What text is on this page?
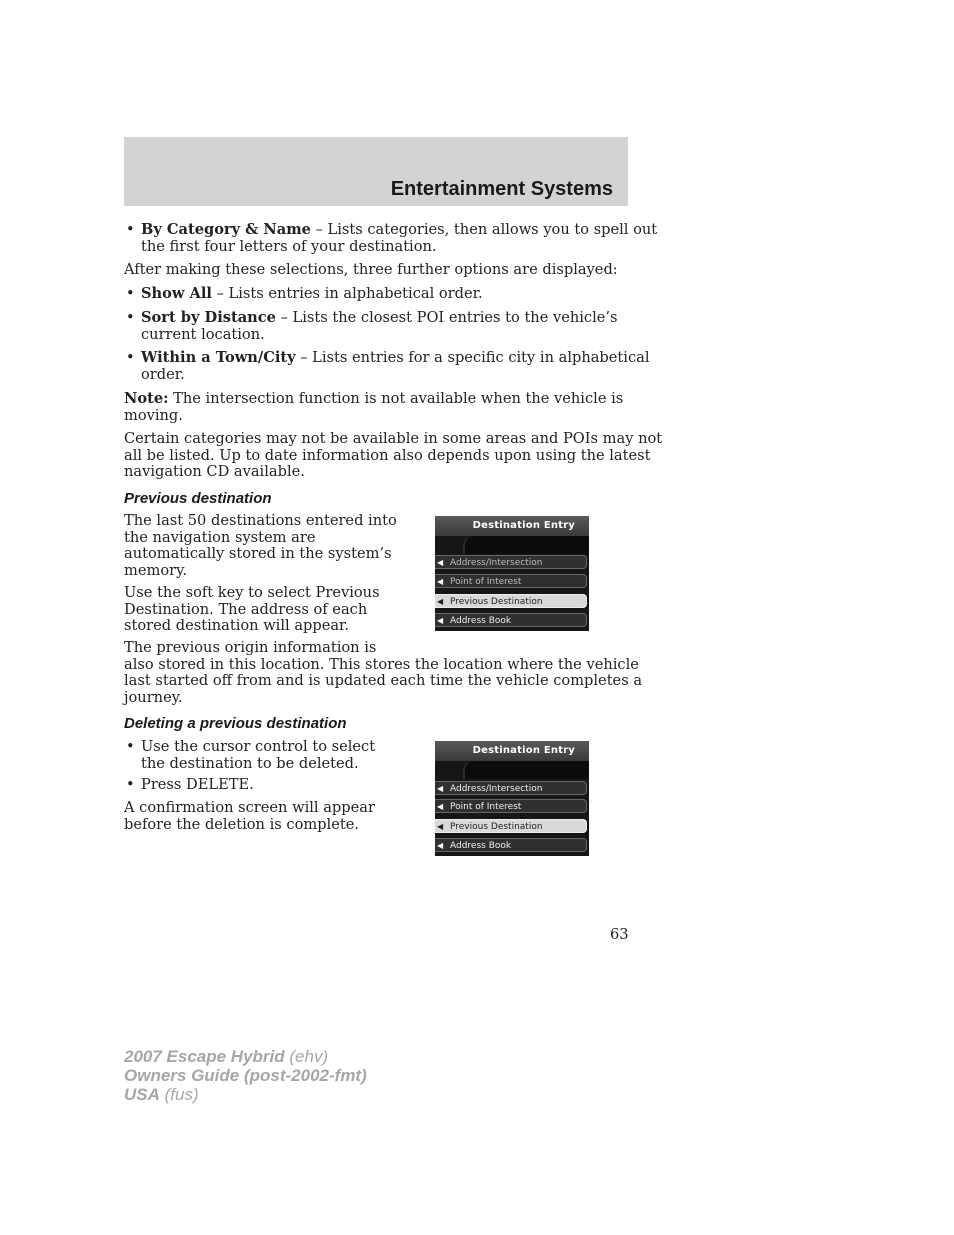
Entertainment Systems
• By Category & Name – Lists categories, then allows you to spell out
the first four letters of your destination.
After making these selections, three further options are displayed:
• Show All – Lists entries in alphabetical order.
• Sort by Distance – Lists the closest POI entries to the vehicle’s
current location.
• Within a Town/City – Lists entries for a specific city in alphabetical
order.
Note: The intersection function is not available when the vehicle is
moving.
Certain categories may not be available in some areas and POIs may not
all be listed. Up to date information also depends upon using the latest
navigation CD available.
Previous destination
The last 50 destinations entered into
the navigation system are
automatically stored in the system’s
memory.
Use the soft key to select Previous
Destination. The address of each
stored destination will appear.
The previous origin information is
also stored in this location. This stores the location where the vehicle
last started off from and is updated each time the vehicle completes a
journey.
Destination Entry
◀ Address/Intersection
◀ Point of Interest
◀ Previous Destination
◀ Address Book
Deleting a previous destination
• Use the cursor control to select
the destination to be deleted.
• Press DELETE.
A confirmation screen will appear
before the deletion is complete.
Destination Entry
◀ Address/Intersection
◀ Point of Interest
◀ Previous Destination
◀ Address Book
63
2007 Escape Hybrid (ehv)
Owners Guide (post-2002-fmt)
USA (fus)
